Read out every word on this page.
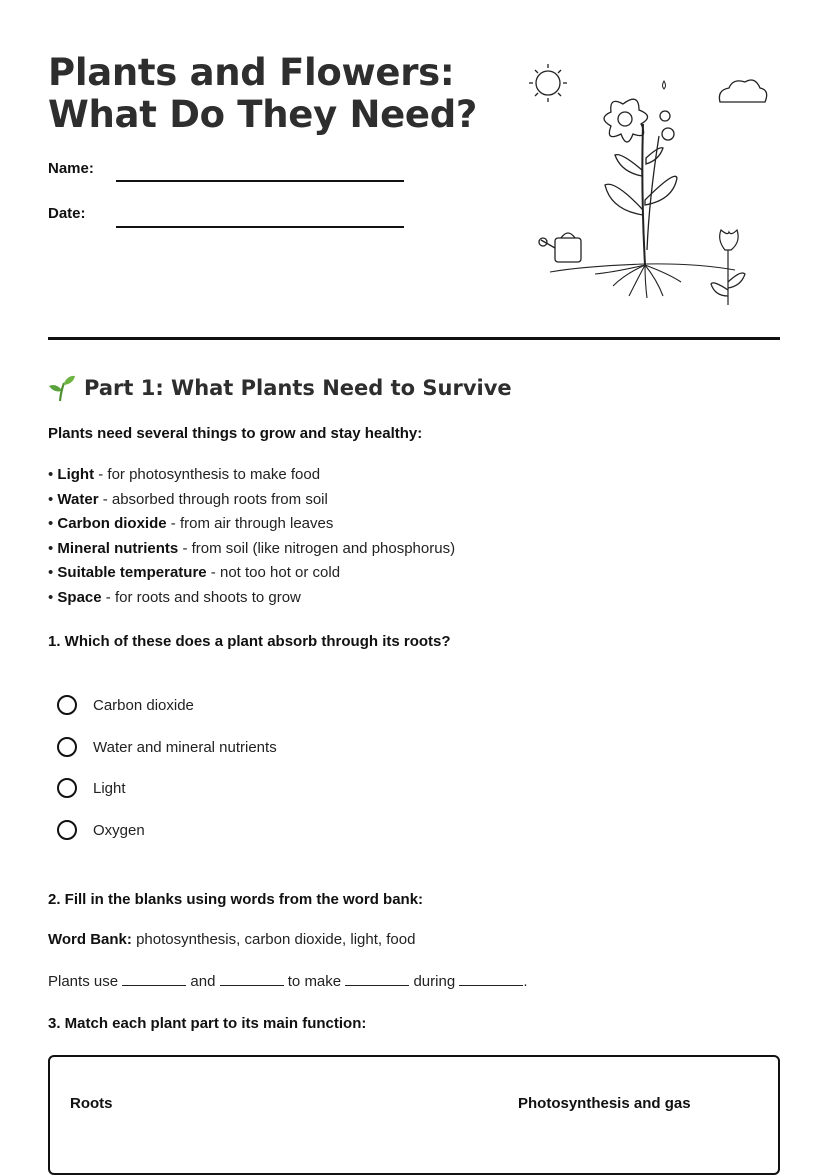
Plants and Flowers:
What Do They Need?
Name:
Date:
Part 1: What Plants Need to Survive
Plants need several things to grow and stay healthy:
• Light - for photosynthesis to make food
• Water - absorbed through roots from soil
• Carbon dioxide - from air through leaves
• Mineral nutrients - from soil (like nitrogen and phosphorus)
• Suitable temperature - not too hot or cold
• Space - for roots and shoots to grow
1. Which of these does a plant absorb through its roots?
Carbon dioxide
Water and mineral nutrients
Light
Oxygen
2. Fill in the blanks using words from the word bank:
Word Bank: photosynthesis, carbon dioxide, light, food
Plants use	and	to make	during	.
3. Match each plant part to its main function:
Roots	Photosynthesis and gas
